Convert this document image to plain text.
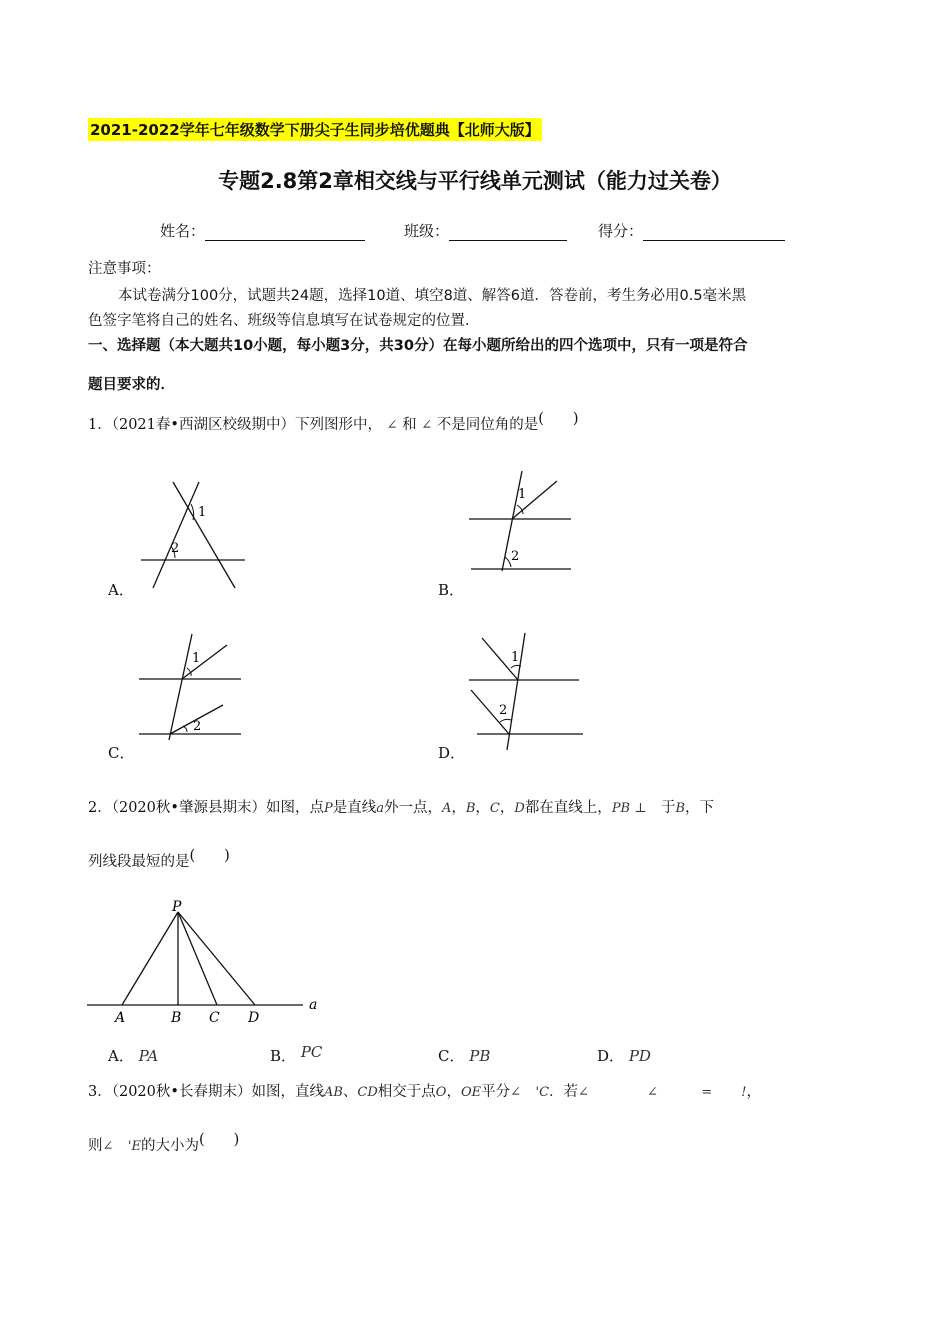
2021-2022学年七年级数学下册尖子生同步培优题典【北师大版】
专题2.8第2章相交线与平行线单元测试（能力过关卷）
姓名：	班级：	得分：
注意事项：
本试卷满分100分，试题共24题，选择10道、填空8道、解答6道．答卷前，考生务必用0.5毫米黑
色签字笔将自己的姓名、班级等信息填写在试卷规定的位置．
一、选择题（本大题共10小题，每小题3分，共30分）在每小题所给出的四个选项中，只有一项是符合
题目要求的．
1．（2021春•西湖区校级期中）下列图形中， ∠ 和 ∠ 不是同位角的是(　　)
1
2
A．
1
2
B．
1
2
C．
1
2
D．
2．（2020秋•肇源县期末）如图，点P是直线a外一点，A，B，C，D都在直线上，PB ⊥　 于B，下
列线段最短的是(　　)
P
A	B C D
a
A． PA	B． PC	C． PB	D． PD
3．（2020秋•长春期末）如图，直线AB、CD相交于点O，OE平分∠　 'C．若∠　　　　	∠　　　	=　　 !，
则∠　 'E的大小为(　　)
